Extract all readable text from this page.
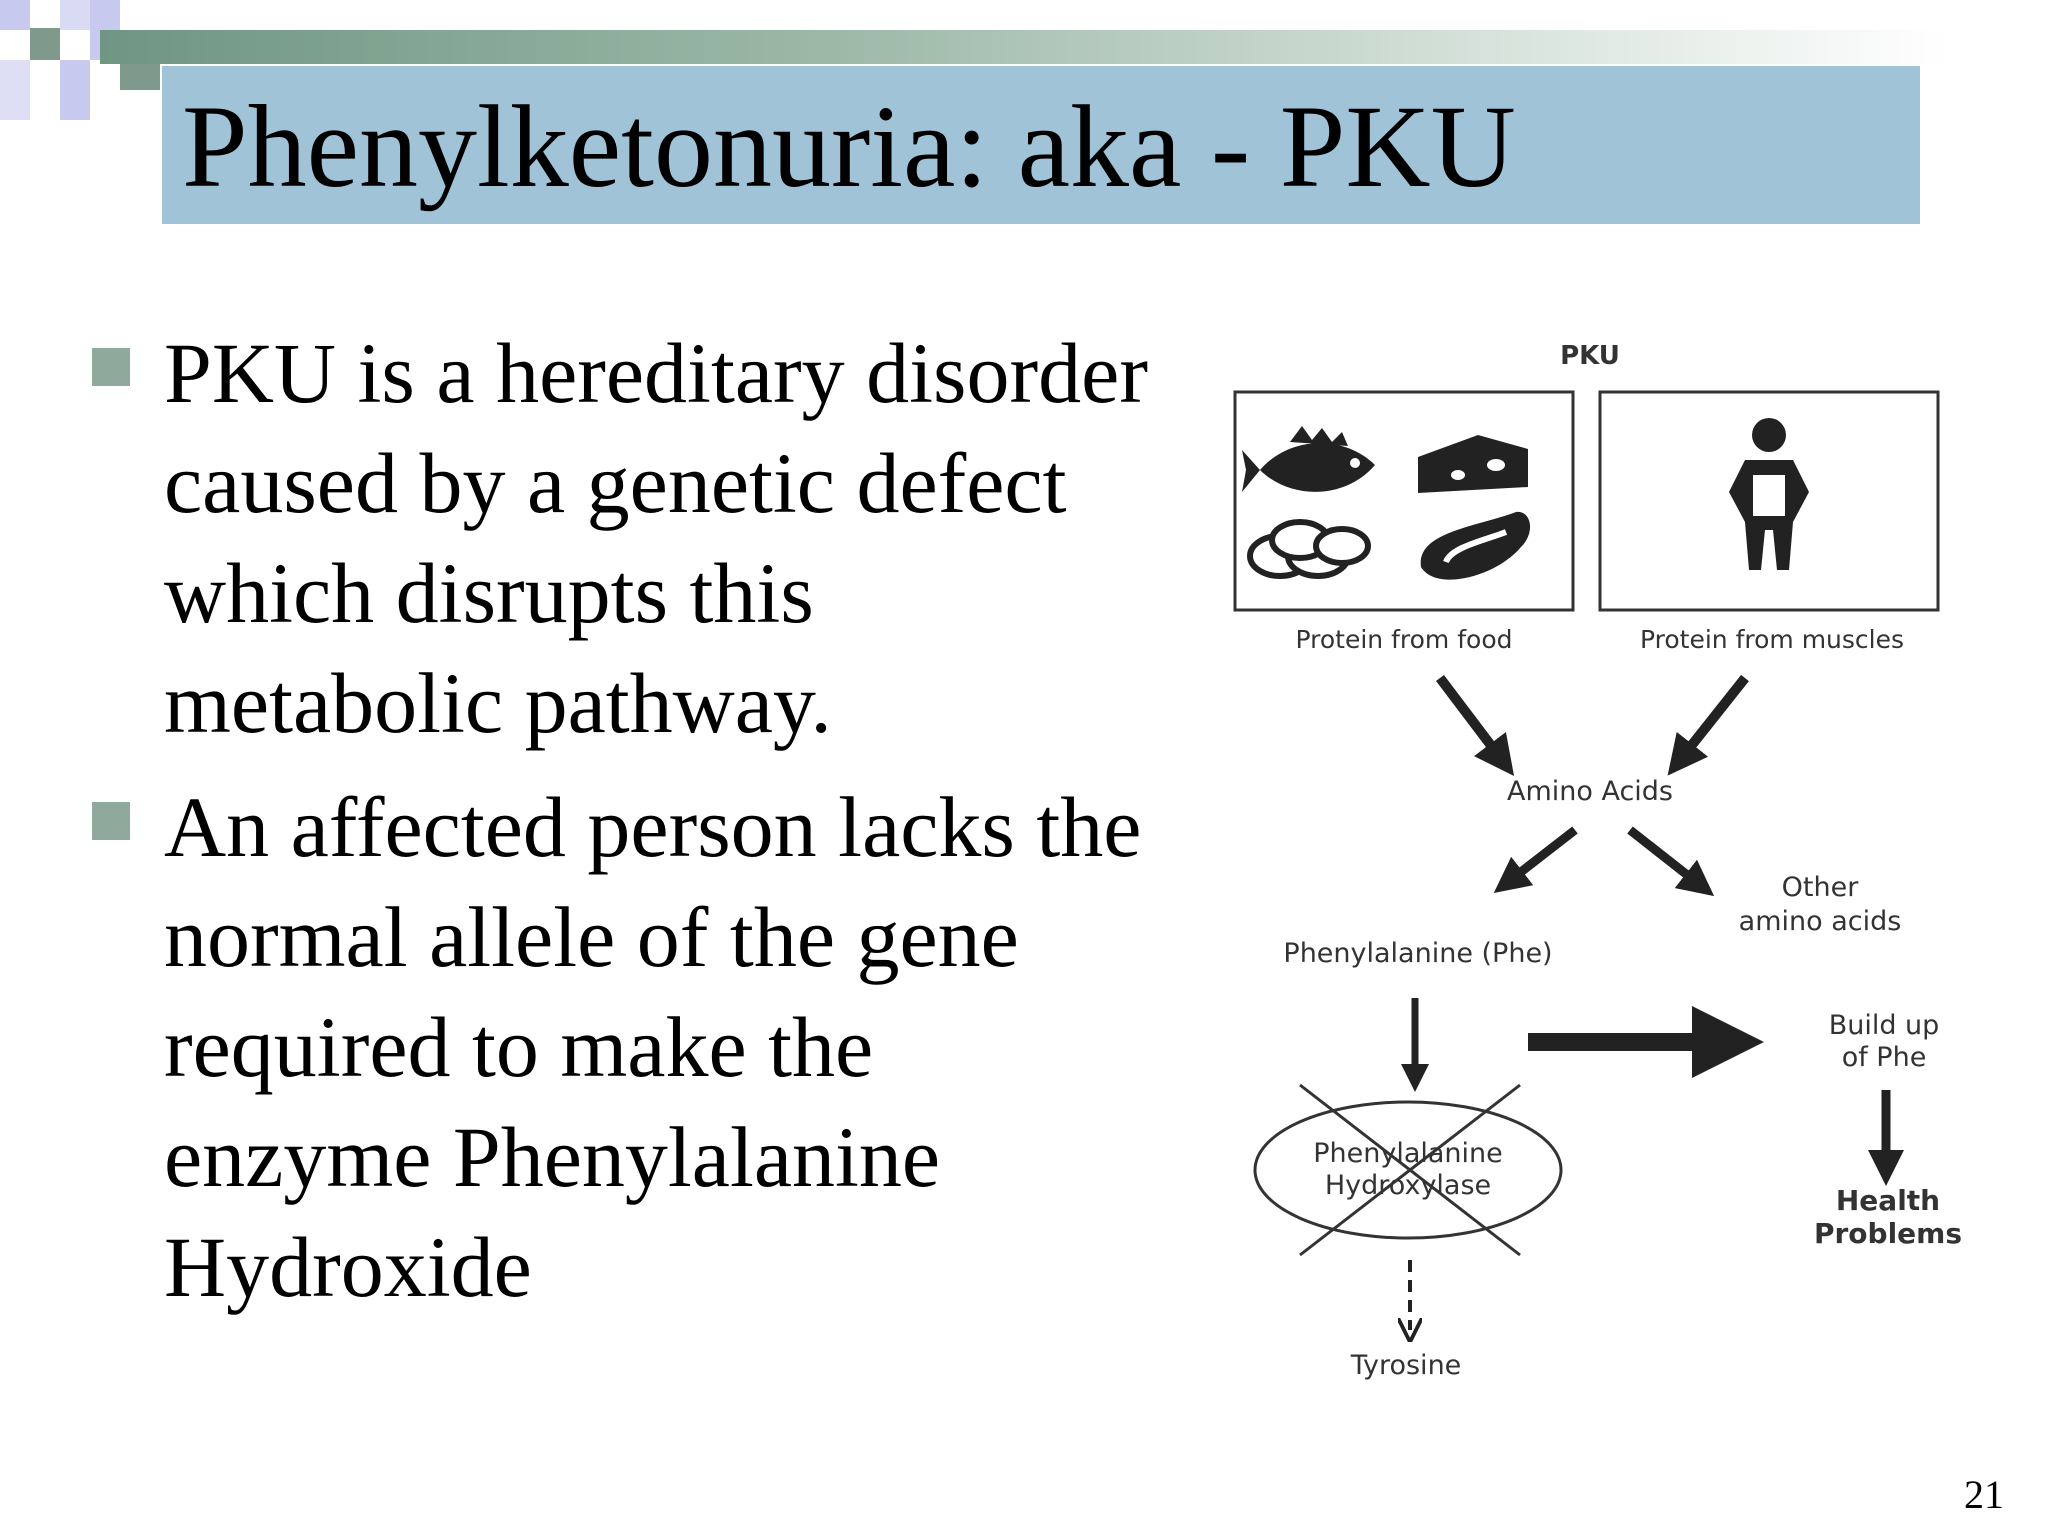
Phenylketonuria: aka - PKU
PKU is a hereditary disorder caused by a genetic defect which disrupts this metabolic pathway.
An affected person lacks the normal allele of the gene required to make the enzyme Phenylalanine Hydroxide
PKU
Protein from food	Protein from muscles
Amino Acids
Other
amino acids
Phenylalanine (Phe)
Build up
of Phe
Phenylalanine
Hydroxylase	Health
Problems
Tyrosine
21
